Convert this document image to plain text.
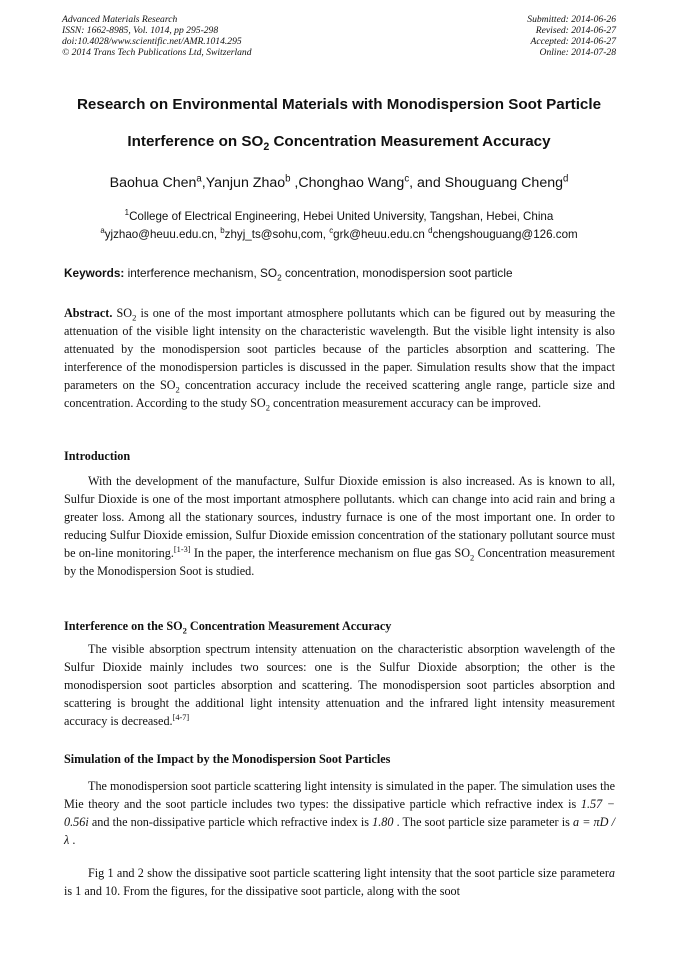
Advanced Materials Research
ISSN: 1662-8985, Vol. 1014, pp 295-298
doi:10.4028/www.scientific.net/AMR.1014.295
© 2014 Trans Tech Publications Ltd, Switzerland
Submitted: 2014-06-26
Revised: 2014-06-27
Accepted: 2014-06-27
Online: 2014-07-28
Research on Environmental Materials with Monodispersion Soot Particle
Interference on $SO_2$ Concentration Measurement Accuracy
Baohua Chen$^a$,Yanjun Zhao$^b$ ,Chonghao Wang$^c$, and Shouguang Cheng$^d$
$^1$College of Electrical Engineering, Hebei United University, Tangshan, Hebei, China
$^a$yjzhao@heuu.edu.cn, $^b$zhyj_ts@sohu,com, $^c$grk@heuu.edu.cn $^d$chengshouguang@126.com
Keywords: interference mechanism, $SO_2$ concentration, monodispersion soot particle
Abstract. $SO_2$ is one of the most important atmosphere pollutants which can be figured out by measuring the attenuation of the visible light intensity on the characteristic wavelength. But the visible light intensity is also attenuated by the monodispersion soot particles because of the particles absorption and scattering. The interference of the monodispersion particles is discussed in the paper. Simulation results show that the impact parameters on the $SO_2$ concentration accuracy include the received scattering angle range, particle size and concentration. According to the study $SO_2$ concentration measurement accuracy can be improved.
Introduction
With the development of the manufacture, Sulfur Dioxide emission is also increased. As is known to all, Sulfur Dioxide is one of the most important atmosphere pollutants. which can change into acid rain and bring a greater loss. Among all the stationary sources, industry furnace is one of the most important one. In order to reducing Sulfur Dioxide emission, Sulfur Dioxide emission concentration of the stationary pollutant source must be on-line monitoring.[1-3] In the paper, the interference mechanism on flue gas $SO_2$ Concentration measurement by the Monodispersion Soot is studied.
Interference on the $SO_2$ Concentration Measurement Accuracy
The visible absorption spectrum intensity attenuation on the characteristic absorption wavelength of the Sulfur Dioxide mainly includes two sources: one is the Sulfur Dioxide absorption; the other is the monodispersion soot particles absorption and scattering. The monodispersion soot particles absorption and scattering is brought the additional light intensity attenuation and the infrared light intensity measurement accuracy is decreased.[4-7]
Simulation of the Impact by the Monodispersion Soot Particles
The monodispersion soot particle scattering light intensity is simulated in the paper. The simulation uses the Mie theory and the soot particle includes two types: the dissipative particle which refractive index is 1.57 − 0.56i and the non-dissipative particle which refractive index is 1.80 . The soot particle size parameter is a = πD / λ .
Fig 1 and 2 show the dissipative soot particle scattering light intensity that the soot particle size parametera is 1 and 10. From the figures, for the dissipative soot particle, along with the soot
